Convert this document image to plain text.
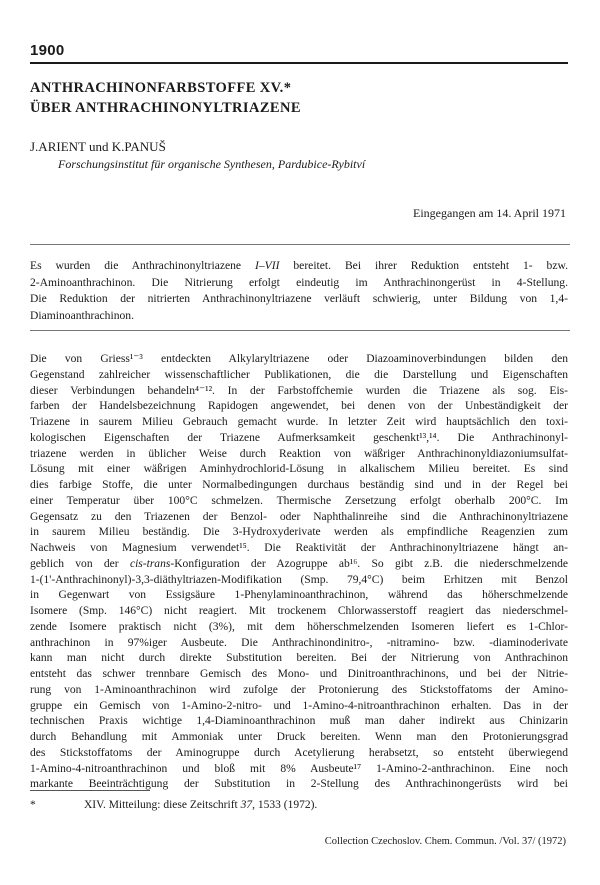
1900
ANTHRACHINONFARBSTOFFE XV.*
ÜBER ANTHRACHINONYLTRIAZENE
J.ARIENT und K.PANUŠ
Forschungsinstitut für organische Synthesen, Pardubice-Rybitví
Eingegangen am 14. April 1971
Es wurden die Anthrachinonyltriazene I–VII bereitet. Bei ihrer Reduktion entsteht 1- bzw.
2-Aminoanthrachinon. Die Nitrierung erfolgt eindeutig im Anthrachinongerüst in 4-Stellung.
Die Reduktion der nitrierten Anthrachinonyltriazene verläuft schwierig, unter Bildung von 1,4-
Diaminoanthrachinon.
Die von Griess¹⁻³ entdeckten Alkylaryltriazene oder Diazoaminoverbindungen bilden den
Gegenstand zahlreicher wissenschaftlicher Publikationen, die die Darstellung und Eigenschaften
dieser Verbindungen behandeln⁴⁻¹². In der Farbstoffchemie wurden die Triazene als sog. Eis-
farben der Handelsbezeichnung Rapidogen angewendet, bei denen von der Unbeständigkeit der
Triazene in saurem Milieu Gebrauch gemacht wurde. In letzter Zeit wird hauptsächlich den toxi-
kologischen Eigenschaften der Triazene Aufmerksamkeit geschenkt¹³,¹⁴. Die Anthrachinonyl-
triazene werden in üblicher Weise durch Reaktion von wäßriger Anthrachinonyldiazoniumsulfat-
Lösung mit einer wäßrigen Aminhydrochlorid-Lösung in alkalischem Milieu bereitet. Es sind
dies farbige Stoffe, die unter Normalbedingungen durchaus beständig sind und in der Regel bei
einer Temperatur über 100°C schmelzen. Thermische Zersetzung erfolgt oberhalb 200°C. Im
Gegensatz zu den Triazenen der Benzol- oder Naphthalinreihe sind die Anthrachinonyltriazene
in saurem Milieu beständig. Die 3-Hydroxyderivate werden als empfindliche Reagenzien zum
Nachweis von Magnesium verwendet¹⁵. Die Reaktivität der Anthrachinonyltriazene hängt an-
geblich von der cis-trans-Konfiguration der Azogruppe ab¹⁶. So gibt z.B. die niederschmelzende
1-(1'-Anthrachinonyl)-3,3-diäthyltriazen-Modifikation (Smp. 79,4°C) beim Erhitzen mit Benzol
in Gegenwart von Essigsäure 1-Phenylaminoanthrachinon, während das höherschmelzende
Isomere (Smp. 146°C) nicht reagiert. Mit trockenem Chlorwasserstoff reagiert das niederschmel-
zende Isomere praktisch nicht (3%), mit dem höherschmelzenden Isomeren liefert es 1-Chlor-
anthrachinon in 97%iger Ausbeute. Die Anthrachinondinitro-, -nitramino- bzw. -diaminoderivate
kann man nicht durch direkte Substitution bereiten. Bei der Nitrierung von Anthrachinon
entsteht das schwer trennbare Gemisch des Mono- und Dinitroanthrachinons, und bei der Nitrie-
rung von 1-Aminoanthrachinon wird zufolge der Protonierung des Stickstoffatoms der Amino-
gruppe ein Gemisch von 1-Amino-2-nitro- und 1-Amino-4-nitroanthrachinon erhalten. Das in der
technischen Praxis wichtige 1,4-Diaminoanthrachinon muß man daher indirekt aus Chinizarin
durch Behandlung mit Ammoniak unter Druck bereiten. Wenn man den Protonierungsgrad
des Stickstoffatoms der Aminogruppe durch Acetylierung herabsetzt, so entsteht überwiegend
1-Amino-4-nitroanthrachinon und bloß mit 8% Ausbeute¹⁷ 1-Amino-2-anthrachinon. Eine noch
markante Beeinträchtigung der Substitution in 2-Stellung des Anthrachinongerüsts wird bei
*	XIV. Mitteilung: diese Zeitschrift 37, 1533 (1972).
Collection Czechoslov. Chem. Commun. /Vol. 37/ (1972)
